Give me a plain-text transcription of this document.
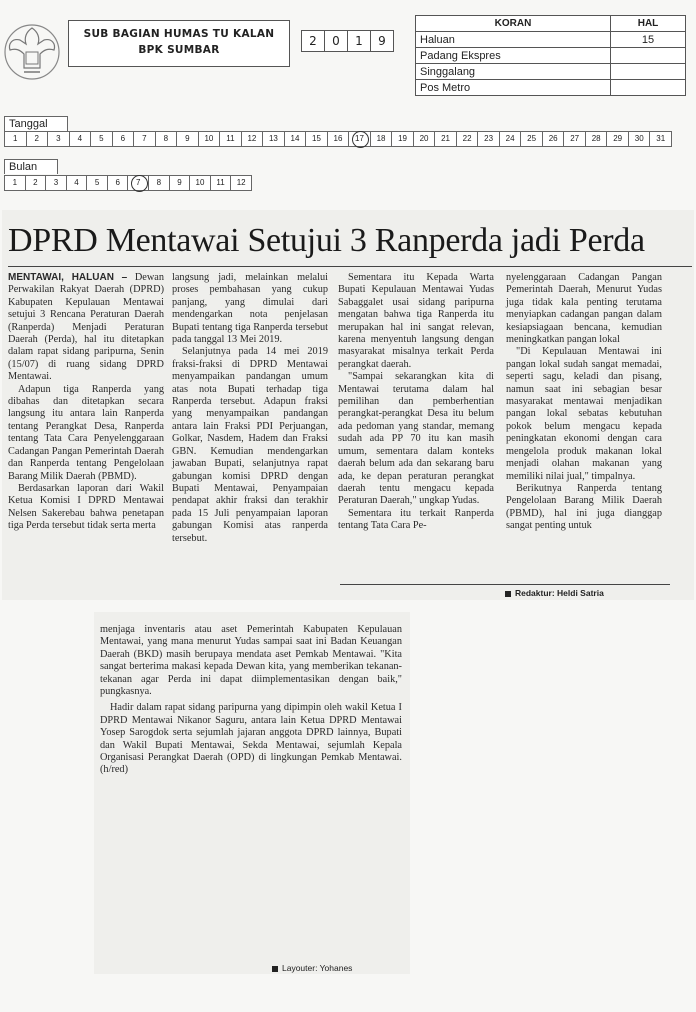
SUB BAGIAN HUMAS TU KALAN
BPK SUMBAR
2	0	1	9
KORAN	HAL
Haluan	15
Padang Ekspres	
Singgalang	
Pos Metro	
Tanggal
1	2	3	4	5	6	7	8	9	10	11	12	13	14	15	16	17	18	19	20	21	22	23	24	25	26	27	28	29	30	31
Bulan
1	2	3	4	5	6	7	8	9	10	11	12
DPRD Mentawai Setujui 3 Ranperda jadi Perda

MENTAWAI, HALUAN – Dewan Perwakilan Rakyat Daerah (DPRD) Kabupaten Kepulauan Mentawai setujui 3 Rencana Peraturan Daerah (Ranperda) Menjadi Peraturan Daerah (Perda), hal itu ditetapkan dalam rapat sidang paripurna, Senin (15/07) di ruang sidang DPRD Mentawai.

Adapun tiga Ranperda yang dibahas dan ditetapkan secara langsung itu antara lain Ranperda tentang Perangkat Desa, Ranperda tentang Tata Cara Penyelenggaraan Cadangan Pangan Pemerintah Daerah dan Ranperda tentang Pengelolaan Barang Milik Daerah (PBMD).

Berdasarkan laporan dari Wakil Ketua Komisi I DPRD Mentawai Nelsen Sakerebau bahwa penetapan tiga Perda tersebut tidak serta merta

langsung jadi, melainkan melalui proses pembahasan yang cukup panjang, yang dimulai dari mendengarkan nota penjelasan Bupati tentang tiga Ranperda tersebut pada tanggal 13 Mei 2019.

Selanjutnya pada 14 mei 2019 fraksi-fraksi di DPRD Mentawai menyampaikan pandangan umum atas nota Bupati terhadap tiga Ranperda tersebut. Adapun fraksi yang menyampaikan pandangan antara lain Fraksi PDI Perjuangan, Golkar, Nasdem, Hadem dan Fraksi GBN. Kemudian mendengarkan jawaban Bupati, selanjutnya rapat gabungan komisi DPRD dengan Bupati Mentawai, Penyampaian pendapat akhir fraksi dan terakhir pada 15 Juli penyampaian laporan gabungan Komisi atas ranperda tersebut.

Sementara itu Kepada Warta Bupati Kepulauan Mentawai Yudas Sabaggalet usai sidang paripurna mengatan bahwa tiga Ranperda itu merupakan hal ini sangat relevan, karena menyentuh langsung dengan masyarakat misalnya terkait Perda perangkat daerah.

"Sampai sekarangkan kita di Mentawai terutama dalam hal pemilihan dan pemberhentian perangkat-perangkat Desa itu belum ada pedoman yang standar, memang sudah ada PP 70 itu kan masih umum, sementara dalam konteks daerah belum ada dan sekarang baru ada, ke depan peraturan perangkat daerah tentu mengacu kepada Peraturan Daerah," ungkap Yudas.

Sementara itu terkait Ranperda tentang Tata Cara Pe-

nyelenggaraan Cadangan Pangan Pemerintah Daerah, Menurut Yudas juga tidak kala penting terutama menyiapkan cadangan pangan dalam kesiapsiagaan bencana, kemudian meningkatkan pangan lokal

"Di Kepulauan Mentawai ini pangan lokal sudah sangat memadai, seperti sagu, keladi dan pisang, namun saat ini sebagian besar masyarakat mentawai menjadikan pangan lokal sebatas kebutuhan pokok belum mengacu kepada peningkatan ekonomi dengan cara mengelola produk makanan lokal menjadi olahan makanan yang memiliki nilai jual," timpalnya.

Berikutnya Ranperda tentang Pengelolaan Barang Milik Daerah (PBMD), hal ini juga dianggap sangat penting untuk

Redaktur: Heldi Satria

menjaga inventaris atau aset Pemerintah Kabupaten Kepulauan Mentawai, yang mana menurut Yudas sampai saat ini Badan Keuangan Daerah (BKD) masih berupaya mendata aset Pemkab Mentawai. "Kita sangat berterima makasi kepada Dewan kita, yang memberikan tekanan-tekanan agar Perda ini dapat diimplementasikan dengan baik," pungkasnya.

Hadir dalam rapat sidang paripurna yang dipimpin oleh wakil Ketua I DPRD Mentawai Nikanor Saguru, antara lain Ketua DPRD Mentawai Yosep Sarogdok serta sejumlah jajaran anggota DPRD lainnya, Bupati dan Wakil Bupati Mentawai, Sekda Mentawai, sejumlah Kepala Organisasi Perangkat Daerah (OPD) di lingkungan Pemkab Mentawai. (h/red)

Layouter: Yohanes
